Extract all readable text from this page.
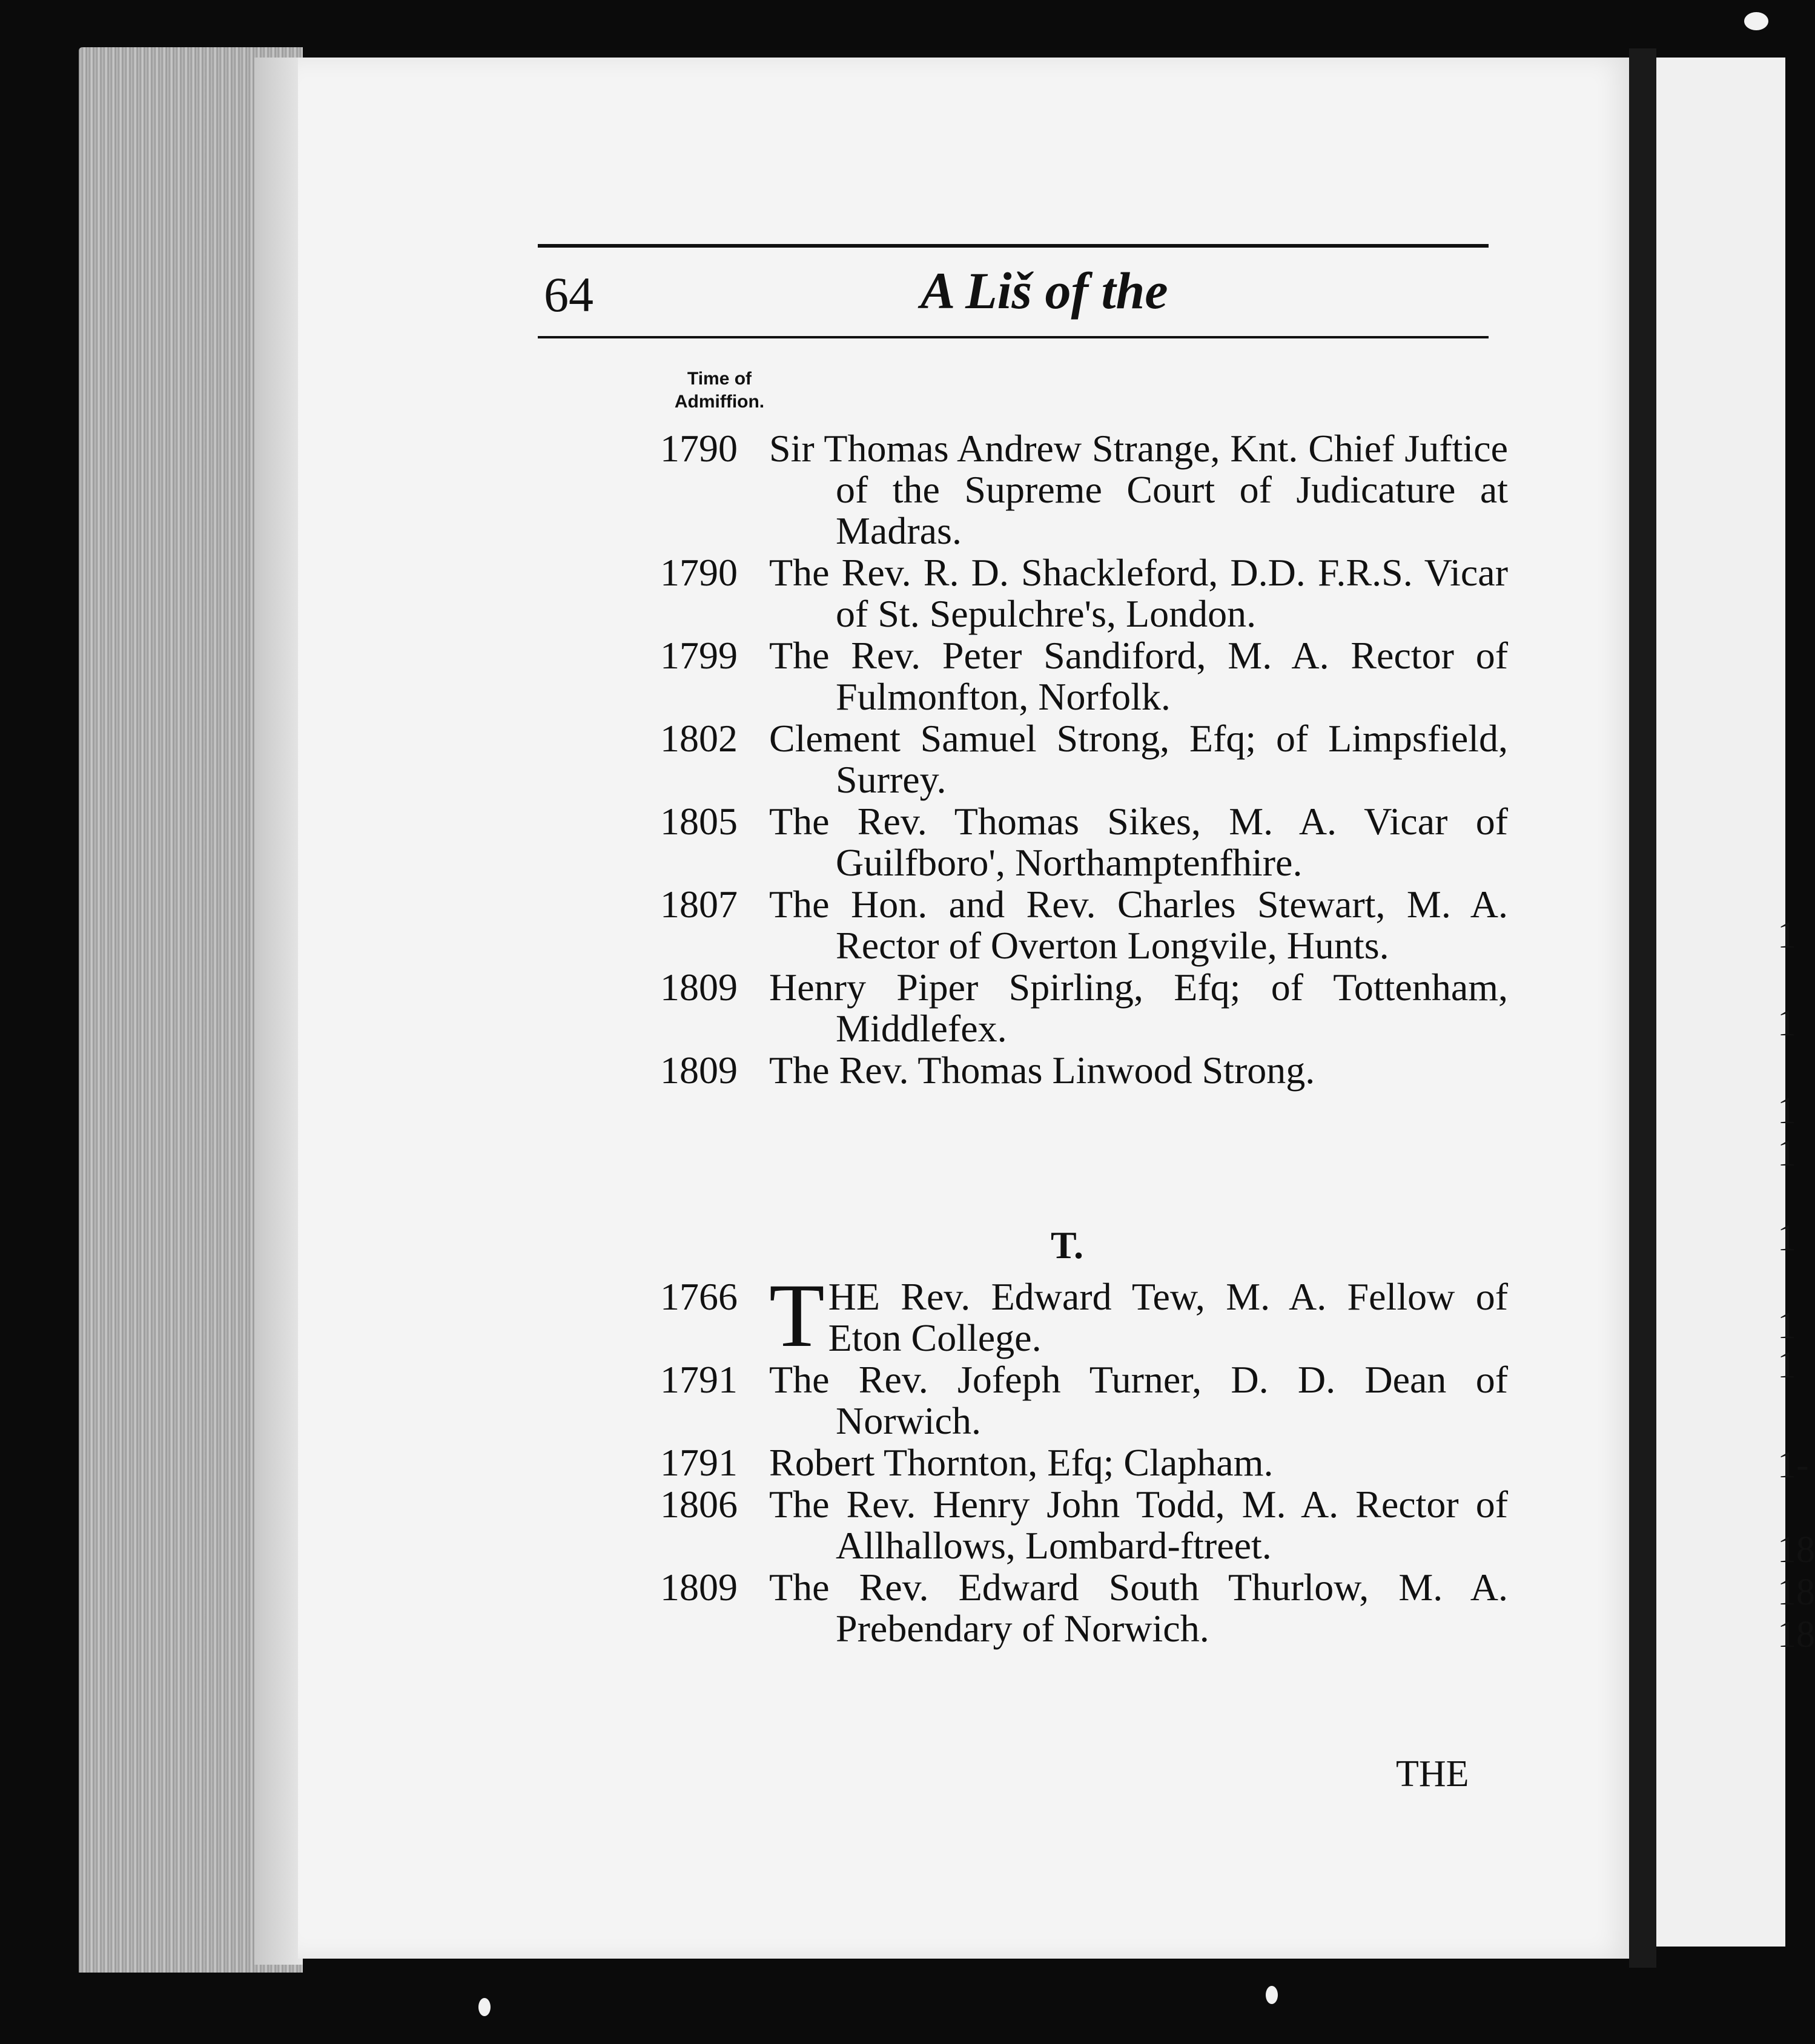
1
1
1
1
1
1
1
1-
18
18
18
64	A Liš of the
Time of
Admiffion.
1790 Sir Thomas Andrew Strange, Knt. Chief Juftice of the Supreme Court of Judicature at Madras.
1790 The Rev. R. D. Shackleford, D.D. F.R.S. Vicar of St. Sepulchre's, London.
1799 The Rev. Peter Sandiford, M. A. Rector of Fulmonfton, Norfolk.
1802 Clement Samuel Strong, Efq; of Limpsfield, Surrey.
1805 The Rev. Thomas Sikes, M. A. Vicar of Guilfboro', Northamptenfhire.
1807 The Hon. and Rev. Charles Stewart, M. A. Rector of Overton Longvile, Hunts.
1809 Henry Piper Spirling, Efq; of Tottenham, Middlefex.
1809 The Rev. Thomas Linwood Strong.
T.
1766 THE Rev. Edward Tew, M. A. Fellow of Eton College.
1791 The Rev. Jofeph Turner, D. D. Dean of Norwich.
1791 Robert Thornton, Efq; Clapham.
1806 The Rev. Henry John Todd, M. A. Rector of Allhallows, Lombard-ftreet.
1809 The Rev. Edward South Thurlow, M. A. Prebendary of Norwich.
THE
